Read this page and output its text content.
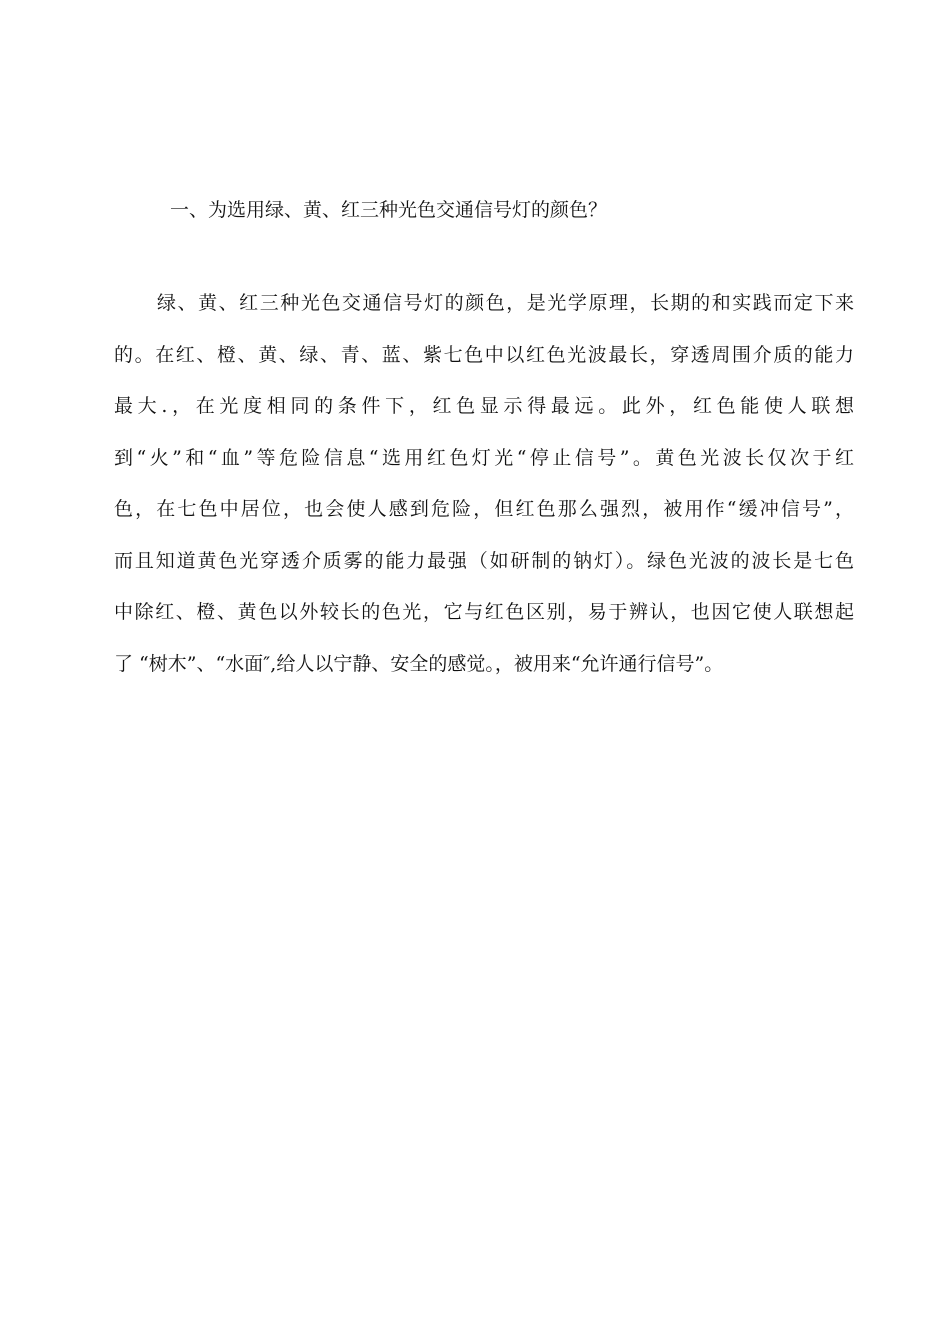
一、为选用绿、黄、红三种光色交通信号灯的颜色？
绿、黄、红三种光色交通信号灯的颜色，是光学原理，长期的和实践而定下来
的。在红、橙、黄、绿、青、蓝、紫七色中以红色光波最长，穿透周围介质的能力
最大.，在光度相同的条件下，红色显示得最远。此外，红色能使人联想
到“火”和“血”等危险信息“选用红色灯光“停止信号”。黄色光波长仅次于红
色，在七色中居位，也会使人感到危险，但红色那么强烈，被用作“缓冲信号”，
而且知道黄色光穿透介质雾的能力最强（如研制的钠灯）。绿色光波的波长是七色
中除红、橙、黄色以外较长的色光，它与红色区别，易于辨认，也因它使人联想起
了 “树木”、“水面″,给人以宁静、安全的感觉。，被用来“允许通行信号”。
